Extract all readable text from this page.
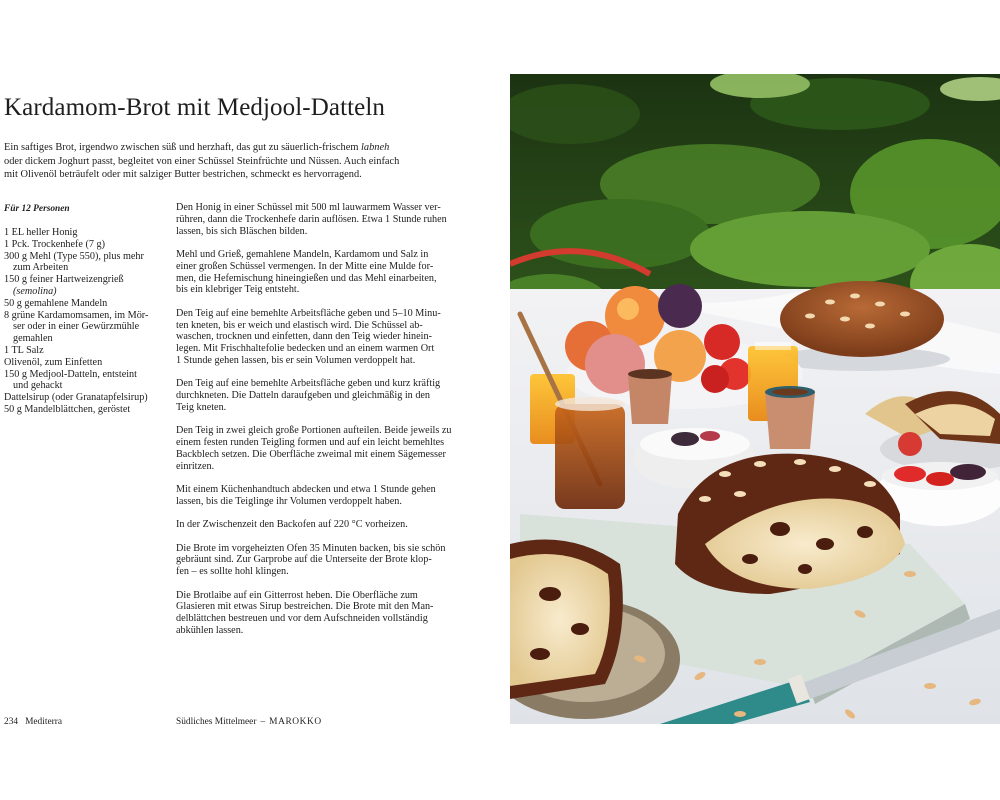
Kardamom-Brot mit Medjool-Datteln

Ein saftiges Brot, irgendwo zwischen süß und herzhaft, das gut zu säuerlich-frischem labneh

oder dickem Joghurt passt, begleitet von einer Schüssel Steinfrüchte und Nüssen. Auch einfach

mit Olivenöl beträufelt oder mit salziger Butter bestrichen, schmeckt es hervorragend.

Für 12 Personen

1 EL heller Honig
1 Pck. Trockenhefe (7 g)
300 g Mehl (Type 550), plus mehr
zum Arbeiten
150 g feiner Hartweizengrieß
(semolina)
50 g gemahlene Mandeln
8 grüne Kardamomsamen, im Mör-
ser oder in einer Gewürzmühle
gemahlen
1 TL Salz
Olivenöl, zum Einfetten
150 g Medjool-Datteln, entsteint
und gehackt
Dattelsirup (oder Granatapfelsirup)
50 g Mandelblättchen, geröstet

Den Honig in einer Schüssel mit 500 ml lauwarmem Wasser ver-
rühren, dann die Trockenhefe darin auflösen. Etwa 1 Stunde ruhen
lassen, bis sich Bläschen bilden.

Mehl und Grieß, gemahlene Mandeln, Kardamom und Salz in
einer großen Schüssel vermengen. In der Mitte eine Mulde for-
men, die Hefemischung hineingießen und das Mehl einarbeiten,
bis ein klebriger Teig entsteht.

Den Teig auf eine bemehlte Arbeitsfläche geben und 5–10 Minu-
ten kneten, bis er weich und elastisch wird. Die Schüssel ab-
waschen, trocknen und einfetten, dann den Teig wieder hinein-
legen. Mit Frischhaltefolie bedecken und an einem warmen Ort
1 Stunde gehen lassen, bis er sein Volumen verdoppelt hat.

Den Teig auf eine bemehlte Arbeitsfläche geben und kurz kräftig
durchkneten. Die Datteln daraufgeben und gleichmäßig in den
Teig kneten.

Den Teig in zwei gleich große Portionen aufteilen. Beide jeweils zu
einem festen runden Teigling formen und auf ein leicht bemehltes
Backblech setzen. Die Oberfläche zweimal mit einem Sägemesser
einritzen.

Mit einem Küchenhandtuch abdecken und etwa 1 Stunde gehen
lassen, bis die Teiglinge ihr Volumen verdoppelt haben.

In der Zwischenzeit den Backofen auf 220 °C vorheizen.

Die Brote im vorgeheizten Ofen 35 Minuten backen, bis sie schön
gebräunt sind. Zur Garprobe auf die Unterseite der Brote klop-
fen – es sollte hohl klingen.

Die Brotlaibe auf ein Gitterrost heben. Die Oberfläche zum
Glasieren mit etwas Sirup bestreichen. Die Brote mit den Man-
delblättchen bestreuen und vor dem Aufschneiden vollständig
abkühlen lassen.

234 Mediterra	Südliches Mittelmeer – MAROKKO
